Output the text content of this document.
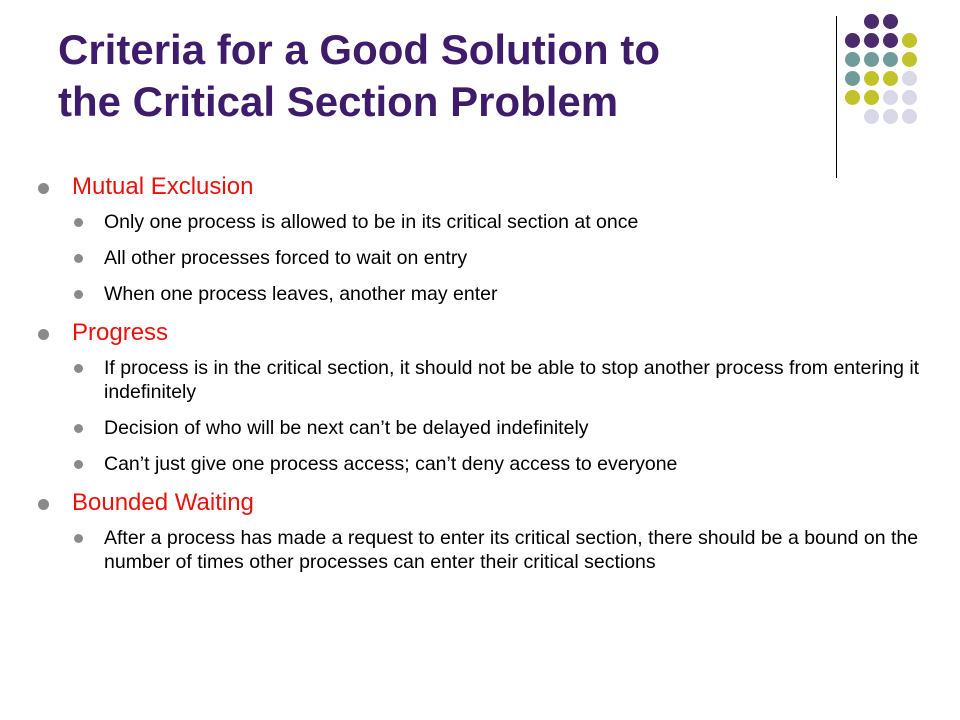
Criteria for a Good Solution to
the Critical Section Problem
Mutual Exclusion
Only one process is allowed to be in its critical section at once
All other processes forced to wait on entry
When one process leaves, another may enter
Progress
If process is in the critical section, it should not be able to stop another process from entering it indefinitely
Decision of who will be next can’t be delayed indefinitely
Can’t just give one process access; can’t deny access to everyone
Bounded Waiting
After a process has made a request to enter its critical section, there should be a bound on the number of times other processes can enter their critical sections
